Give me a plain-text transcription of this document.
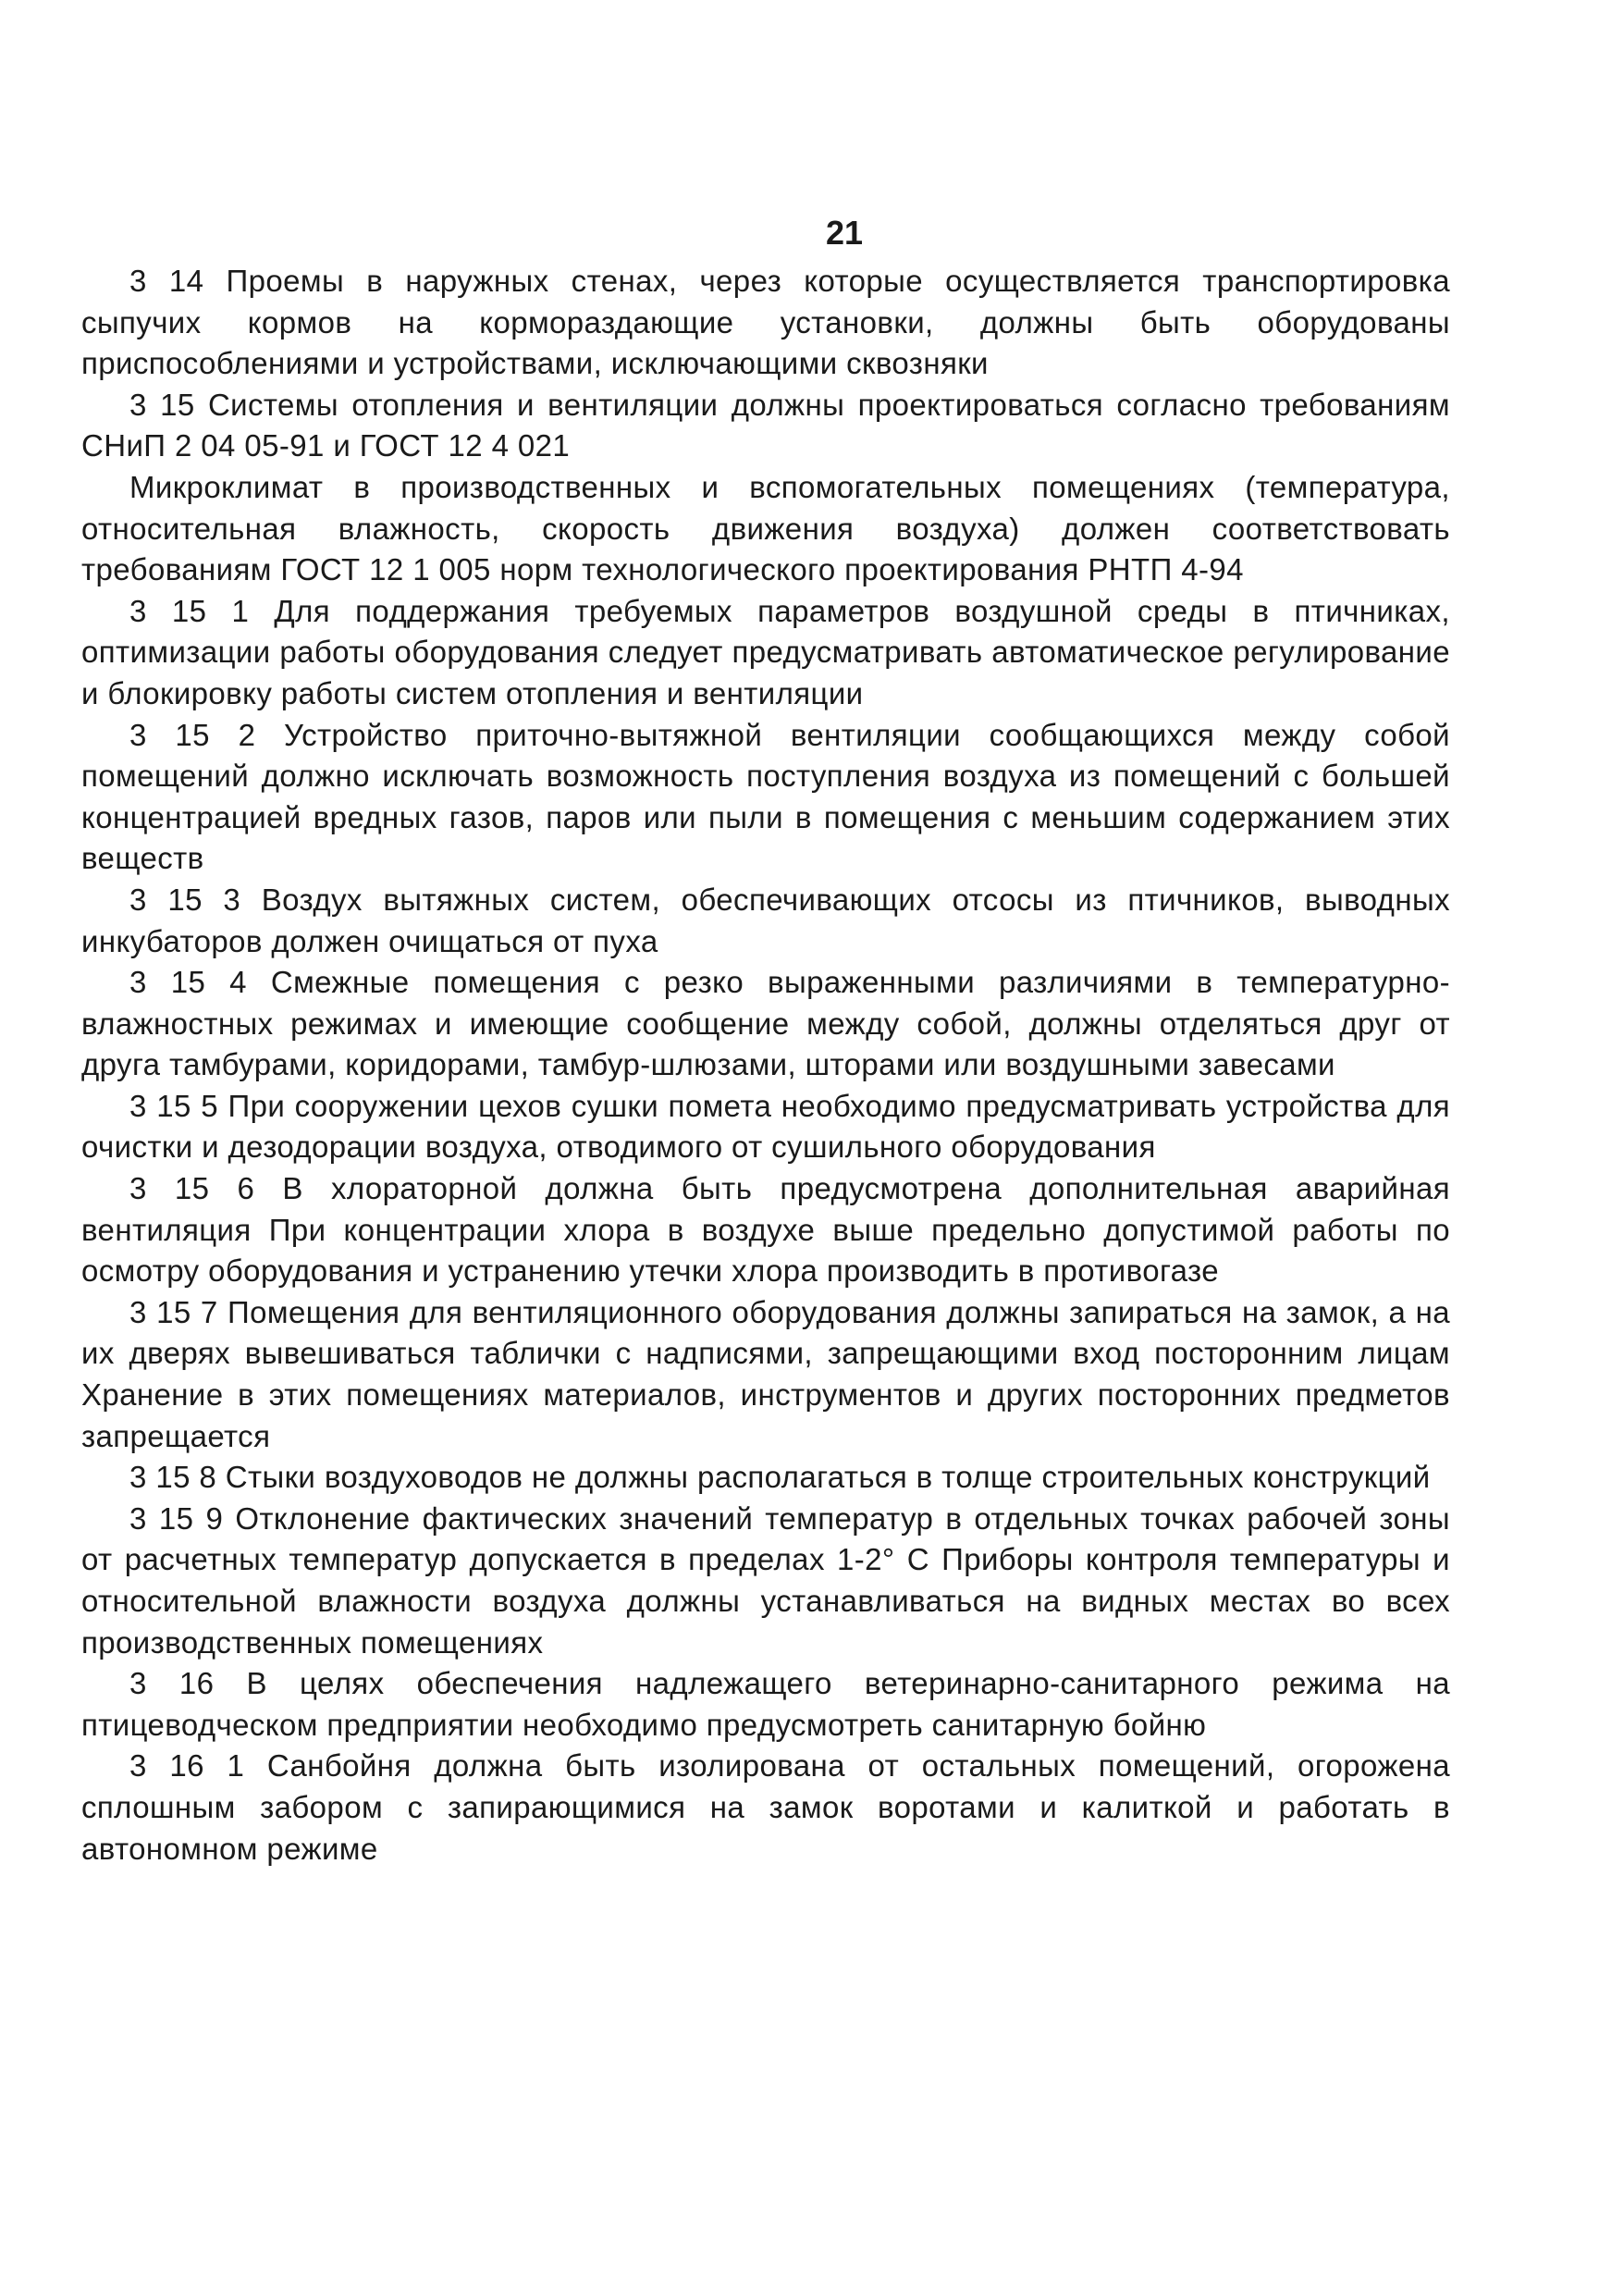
21

3 14 Проемы в наружных стенах, через которые осуществляется транспортировка сыпучих кормов на кормораздающие установки, должны быть оборудованы приспособлениями и устройствами, исключающими сквозняки

3 15 Системы отопления и вентиляции должны проектироваться согласно требованиям СНиП 2 04 05-91 и ГОСТ 12 4 021

Микроклимат в производственных и вспомогательных помещениях (температура, относительная влажность, скорость движения воздуха) должен соответствовать требованиям ГОСТ 12 1 005 норм технологического проектирования РНТП 4-94

3 15 1 Для поддержания требуемых параметров воздушной среды в птичниках, оптимизации работы оборудования следует предусматривать автоматическое регулирование и блокировку работы систем отопления и вентиляции

3 15 2 Устройство приточно-вытяжной вентиляции сообщающихся между собой помещений должно исключать возможность поступления воздуха из помещений с большей концентрацией вредных газов, паров или пыли в помещения с меньшим содержанием этих веществ

3 15 3 Воздух вытяжных систем, обеспечивающих отсосы из птичников, выводных инкубаторов должен очищаться от пуха

3 15 4 Смежные помещения с резко выраженными различиями в температурно-влажностных режимах и имеющие сообщение между собой, должны отделяться друг от друга тамбурами, коридорами, тамбур-шлюзами, шторами или воздушными завесами

3 15 5 При сооружении цехов сушки помета необходимо предусматривать устройства для очистки и дезодорации воздуха, отводимого от сушильного оборудования

3 15 6 В хлораторной должна быть предусмотрена дополнительная аварийная вентиляция При концентрации хлора в воздухе выше предельно допустимой работы по осмотру оборудования и устранению утечки хлора производить в противогазе

3 15 7 Помещения для вентиляционного оборудования должны запираться на замок, а на их дверях вывешиваться таблички с надписями, запрещающими вход посторонним лицам Хранение в этих помещениях материалов, инструментов и других посторонних предметов запрещается

3 15 8 Стыки воздуховодов не должны располагаться в толще строительных конструкций

3 15 9 Отклонение фактических значений температур в отдельных точках рабочей зоны от расчетных температур допускается в пределах 1-2° С Приборы контроля температуры и относительной влажности воздуха должны устанавливаться на видных местах во всех производственных помещениях

3 16 В целях обеспечения надлежащего ветеринарно-санитарного режима на птицеводческом предприятии необходимо предусмотреть санитарную бойню

3 16 1 Санбойня должна быть изолирована от остальных помещений, огорожена сплошным забором с запирающимися на замок воротами и калиткой и работать в автономном режиме
